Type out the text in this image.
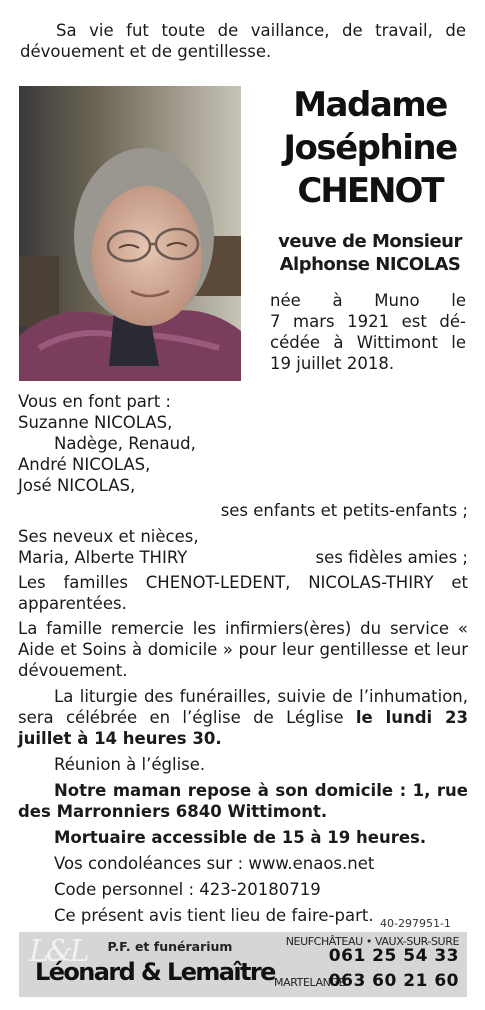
Sa vie fut toute de vaillance, de travail, de dévouement et de gentillesse.
Madame
Joséphine
CHENOT
veuve de Monsieur
Alphonse NICOLAS
née à Muno le
7 mars 1921 est dé-
cédée à Wittimont le
19 juillet 2018.
Vous en font part :
Suzanne NICOLAS,
Nadège, Renaud,
André NICOLAS,
José NICOLAS,
ses enfants et petits-enfants ;
Ses neveux et nièces,
Maria, Alberte THIRY	ses fidèles amies ;
Les familles CHENOT-LEDENT, NICOLAS-THIRY et
apparentées.
La famille remercie les infirmiers(ères) du service « Aide et Soins à domicile » pour leur gentillesse et leur dévouement.
La liturgie des funérailles, suivie de l’inhumation, sera célébrée en l’église de Léglise le lundi 23 juillet à 14 heures 30.
Réunion à l’église.
Notre maman repose à son domicile : 1, rue des Marronniers 6840 Wittimont.
Mortuaire accessible de 15 à 19 heures.
Vos condoléances sur : www.enaos.net
Code personnel : 423-20180719
Ce présent avis tient lieu de faire-part. 40-297951-1
L&L	P.F. et funérarium
Léonard & Lemaître
NEUFCHÂTEAU • VAUX-SUR-SURE
061 25 54 33
MARTELANGE
063 60 21 60
